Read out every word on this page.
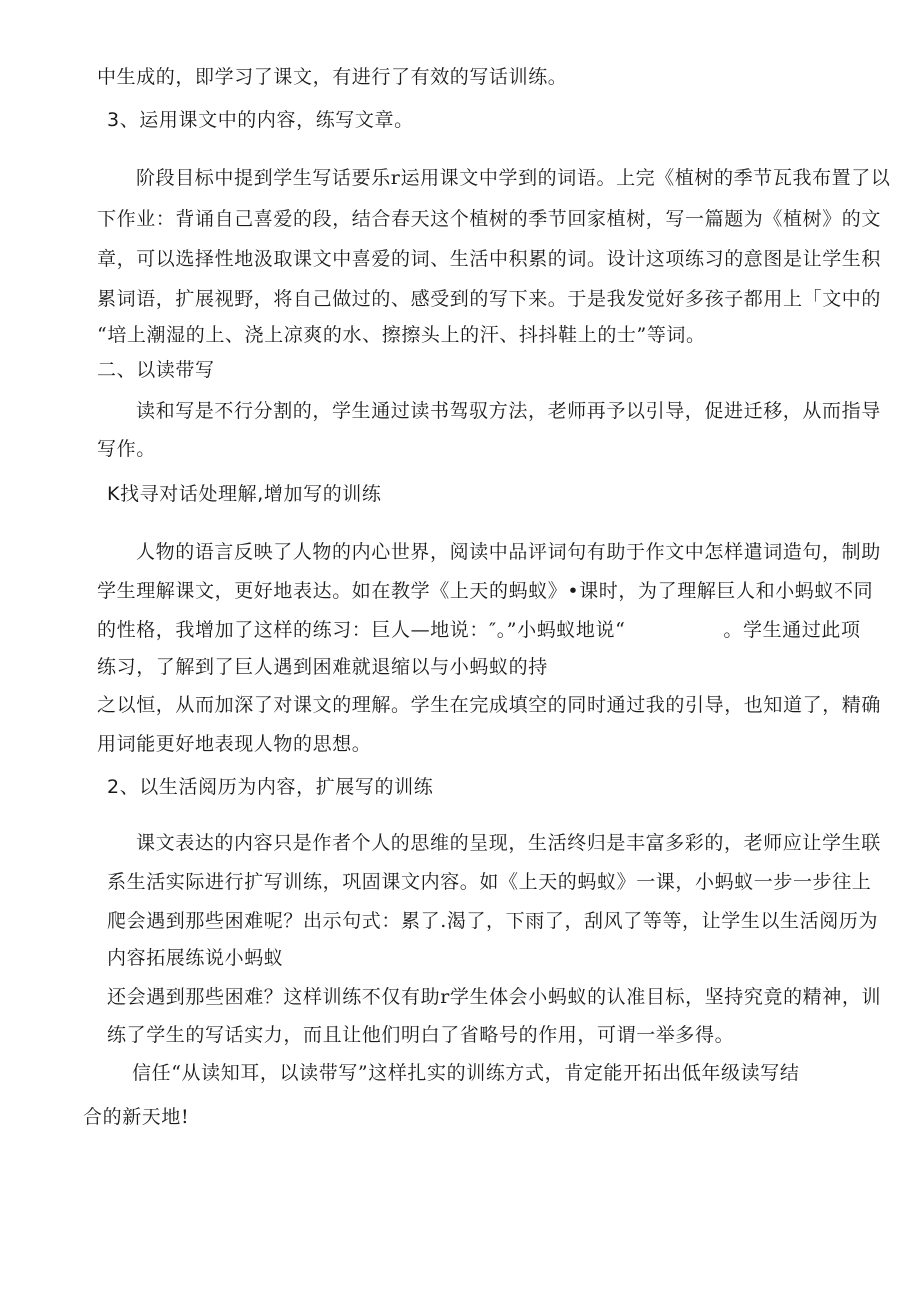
中生成的，即学习了课文，有进行了有效的写话训练。
3、运用课文中的内容，练写文章。
阶段目标中提到学生写话要乐r运用课文中学到的词语。上完《植树的季节瓦我布置了以
下作业：背诵自己喜爱的段，结合春天这个植树的季节回家植树，写一篇题为《植树》的文
章，可以选择性地汲取课文中喜爱的词、生活中积累的词。设计这项练习的意图是让学生积
累词语，扩展视野，将自己做过的、感受到的写下来。于是我发觉好多孩子都用上「文中的
“培上潮湿的上、浇上凉爽的水、擦擦头上的汗、抖抖鞋上的士”等词。
二、以读带写
读和写是不行分割的，学生通过读书驾驭方法，老师再予以引导，促进迁移，从而指导
写作。
K找寻对话处理解,增加写的训练
人物的语言反映了人物的内心世界，阅读中品评词句有助于作文中怎样遣词造句，制助
学生理解课文，更好地表达。如在教学《上天的蚂蚁》•课时，为了理解巨人和小蚂蚁不同
的性格，我增加了这样的练习：巨人—地说：″。”小蚂蚁地说“　　　　　。学生通过此项
练习，了解到了巨人遇到困难就退缩以与小蚂蚁的持
之以恒，从而加深了对课文的理解。学生在完成填空的同时通过我的引导，也知道了，精确
用词能更好地表现人物的思想。
2、以生活阅历为内容，扩展写的训练
课文表达的内容只是作者个人的思维的呈现，生活终归是丰富多彩的，老师应让学生联
系生活实际进行扩写训练，巩固课文内容。如《上天的蚂蚁》一课，小蚂蚁一步一步往上
爬会遇到那些困难呢？出示句式：累了.渴了，下雨了，刮风了等等，让学生以生活阅历为
内容拓展练说小蚂蚁
还会遇到那些困难？这样训练不仅有助r学生体会小蚂蚁的认准目标，坚持究竟的精神，训
练了学生的写话实力，而且让他们明白了省略号的作用，可谓一举多得。
信任“从读知耳，以读带写”这样扎实的训练方式，肯定能开拓出低年级读写结
合的新天地!
